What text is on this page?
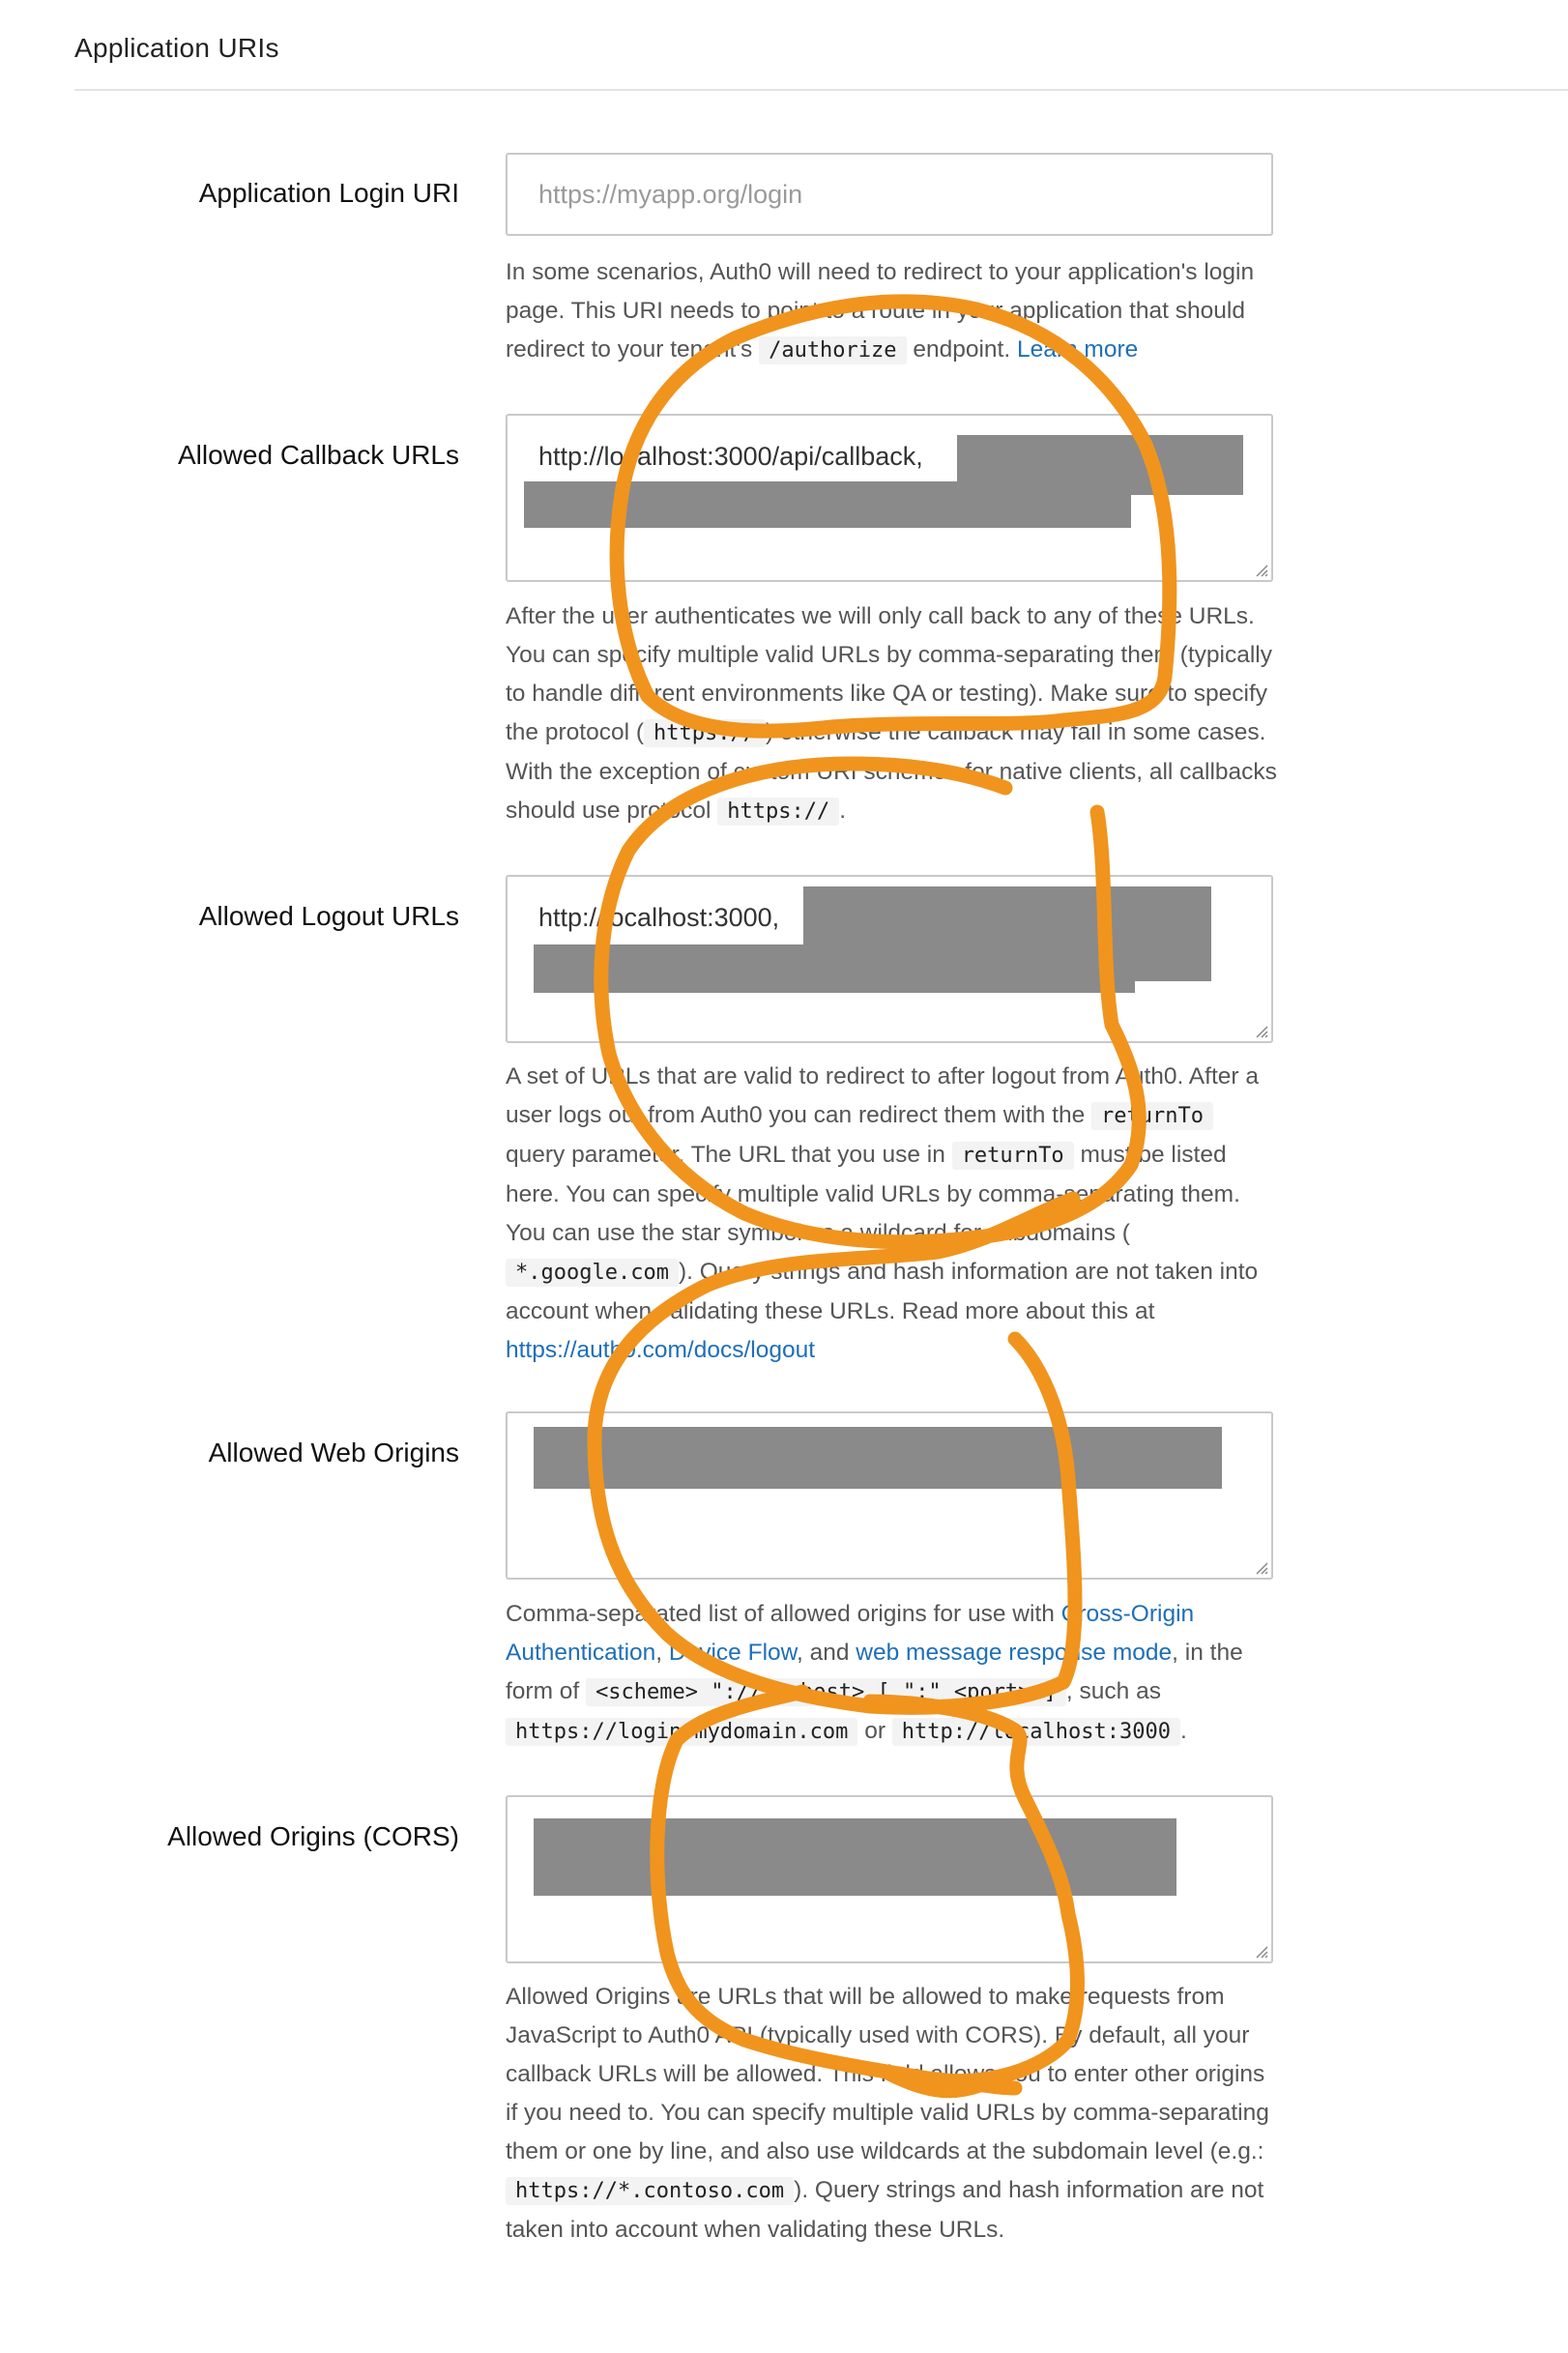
Application URIs
Application Login URI	https://myapp.org/login
In some scenarios, Auth0 will need to redirect to your application's login page. This URI needs to point to a route in your application that should redirect to your tenant's /authorize endpoint. Learn more
Allowed Callback URLs	http://localhost:3000/api/callback,
After the user authenticates we will only call back to any of these URLs. You can specify multiple valid URLs by comma-separating them (typically to handle different environments like QA or testing). Make sure to specify the protocol ( https:// ) otherwise the callback may fail in some cases. With the exception of custom URI schemes for native clients, all callbacks should use protocol https:// .
Allowed Logout URLs	http://localhost:3000,
A set of URLs that are valid to redirect to after logout from Auth0. After a user logs out from Auth0 you can redirect them with the returnTo query parameter. The URL that you use in returnTo must be listed here. You can specify multiple valid URLs by comma-separating them. You can use the star symbol as a wildcard for subdomains ( *.google.com ). Query strings and hash information are not taken into account when validating these URLs. Read more about this at https://auth0.com/docs/logout
Allowed Web Origins
Comma-separated list of allowed origins for use with Cross-Origin Authentication, Device Flow, and web message response mode, in the form of <scheme> "://" <host> [ ":" <port> ] , such as https://login.mydomain.com or http://localhost:3000 .
Allowed Origins (CORS)
Allowed Origins are URLs that will be allowed to make requests from JavaScript to Auth0 API (typically used with CORS). By default, all your callback URLs will be allowed. This field allows you to enter other origins if you need to. You can specify multiple valid URLs by comma-separating them or one by line, and also use wildcards at the subdomain level (e.g.: https://*.contoso.com ). Query strings and hash information are not taken into account when validating these URLs.
